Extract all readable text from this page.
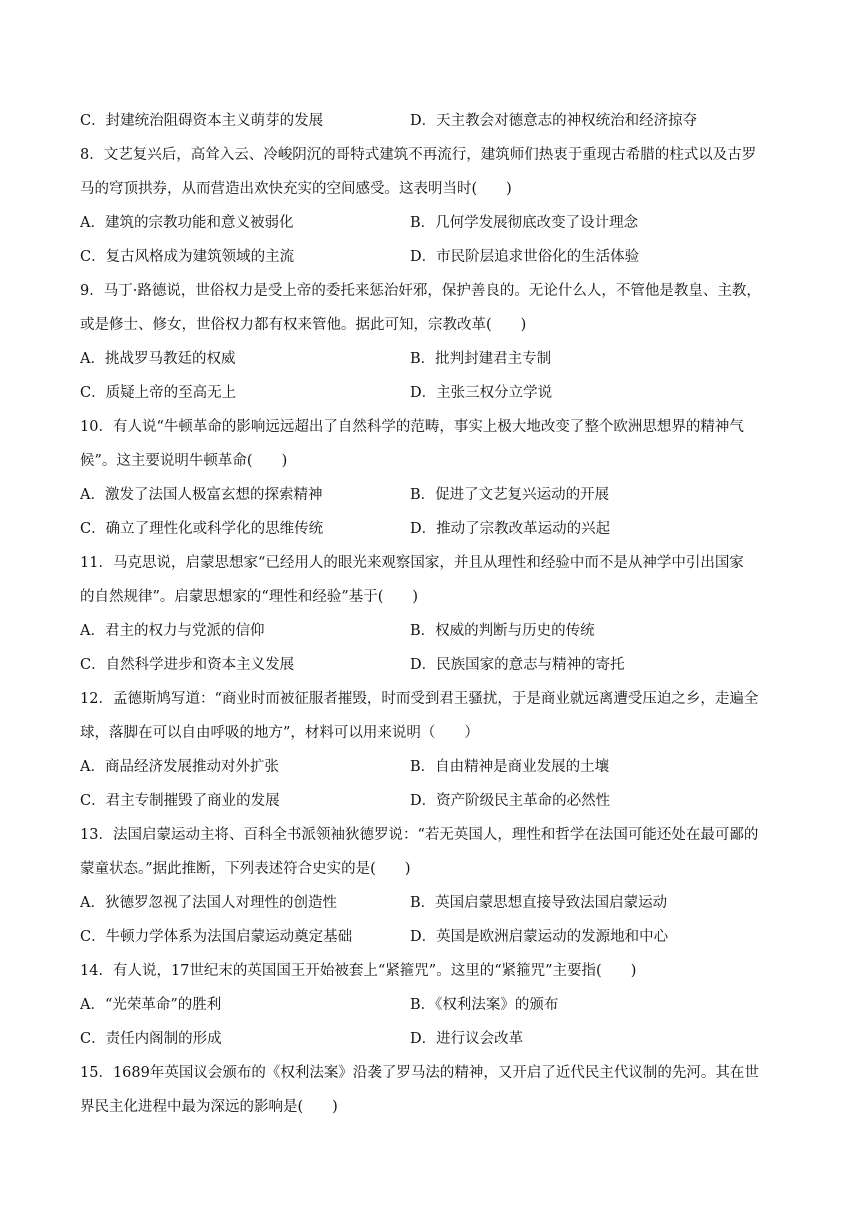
C．封建统治阻碍资本主义萌芽的发展	D．天主教会对德意志的神权统治和经济掠夺
8．文艺复兴后，高耸入云、冷峻阴沉的哥特式建筑不再流行，建筑师们热衷于重现古希腊的柱式以及古罗
马的穹顶拱券，从而营造出欢快充实的空间感受。这表明当时(　　)
A．建筑的宗教功能和意义被弱化	B．几何学发展彻底改变了设计理念
C．复古风格成为建筑领域的主流	D．市民阶层追求世俗化的生活体验
9．马丁·路德说，世俗权力是受上帝的委托来惩治奸邪，保护善良的。无论什么人，不管他是教皇、主教，
或是修士、修女，世俗权力都有权来管他。据此可知，宗教改革(　　)
A．挑战罗马教廷的权威	B．批判封建君主专制
C．质疑上帝的至高无上	D．主张三权分立学说
10．有人说“牛顿革命的影响远远超出了自然科学的范畴，事实上极大地改变了整个欧洲思想界的精神气
候”。这主要说明牛顿革命(　　)
A．激发了法国人极富玄想的探索精神	B．促进了文艺复兴运动的开展
C．确立了理性化或科学化的思维传统	D．推动了宗教改革运动的兴起
11．马克思说，启蒙思想家“已经用人的眼光来观察国家，并且从理性和经验中而不是从神学中引出国家
的自然规律”。启蒙思想家的“理性和经验”基于(　　)
A．君主的权力与党派的信仰	B．权威的判断与历史的传统
C．自然科学进步和资本主义发展	D．民族国家的意志与精神的寄托
12．孟德斯鸠写道：“商业时而被征服者摧毁，时而受到君王骚扰，于是商业就远离遭受压迫之乡，走遍全
球，落脚在可以自由呼吸的地方”，材料可以用来说明（　　）
A．商品经济发展推动对外扩张	B．自由精神是商业发展的土壤
C．君主专制摧毁了商业的发展	D．资产阶级民主革命的必然性
13．法国启蒙运动主将、百科全书派领袖狄德罗说：“若无英国人，理性和哲学在法国可能还处在最可鄙的
蒙童状态。”据此推断，下列表述符合史实的是(　　)
A．狄德罗忽视了法国人对理性的创造性	B．英国启蒙思想直接导致法国启蒙运动
C．牛顿力学体系为法国启蒙运动奠定基础	D．英国是欧洲启蒙运动的发源地和中心
14．有人说，17世纪末的英国国王开始被套上“紧箍咒”。这里的“紧箍咒”主要指(　　)
A．“光荣革命”的胜利	B．《权利法案》的颁布
C．责任内阁制的形成	D．进行议会改革
15．1689年英国议会颁布的《权利法案》沿袭了罗马法的精神，又开启了近代民主代议制的先河。其在世
界民主化进程中最为深远的影响是(　　)
